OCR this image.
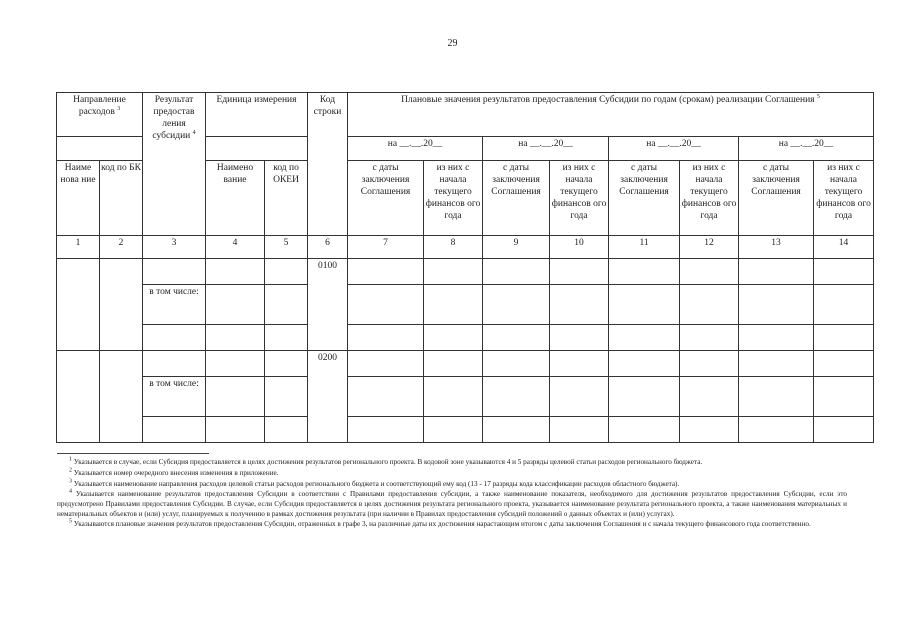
29
Направление расходов $^3$		Результат предостав ления субсидии $^4$	Единица измерения		Код строки	Плановые значения результатов предоставления Субсидии по годам (срокам) реализации Соглашения $^5$
						на __.__.20__		на __.__.20__		на __.__.20__		на __.__.20__	
Наиме нова ние	код по БК		Наимено вание	код по ОКЕИ		с даты заключения Соглашения	из них с начала текущего финансов ого года	с даты заключения Соглашения	из них с начала текущего финансов ого года	с даты заключения Соглашения	из них с начала текущего финансов ого года	с даты заключения Соглашения	из них с начала текущего финансов ого года
1	2	3	4	5	6	7	8	9	10	11	12	13	14
					0100								
		в том числе:											

					0200								
		в том числе:											

$^1$ Указывается в случае, если Субсидия предоставляется в целях достижения результатов регионального проекта. В кодовой зоне указываются 4 и 5 разряды целевой статьи расходов регионального бюджета.

$^2$ Указывается номер очередного внесения изменения в приложение.

$^3$ Указывается наименование направления расходов целевой статьи расходов регионального бюджета и соответствующий ему код (13 - 17 разряды кода классификации расходов областного бюджета).

$^4$ Указывается наименование результатов предоставления Субсидии в соответствии с Правилами предоставления субсидии, а также наименование показателя, необходимого для достижения результатов предоставления Субсидии, если это предусмотрено Правилами предоставления Субсидии. В случае, если Субсидия предоставляется в целях достижения результата регионального проекта, указывается наименование результата регионального проекта, а также наименования материальных и нематериальных объектов и (или) услуг, планируемых к получению в рамках достижения результата (при наличии в Правилах предоставления субсидий положений о данных объектах и (или) услугах).

$^5$ Указываются плановые значения результатов предоставления Субсидии, отраженных в графе 3, на различные даты их достижения нарастающим итогом с даты заключения Соглашения и с начала текущего финансового года соответственно.
